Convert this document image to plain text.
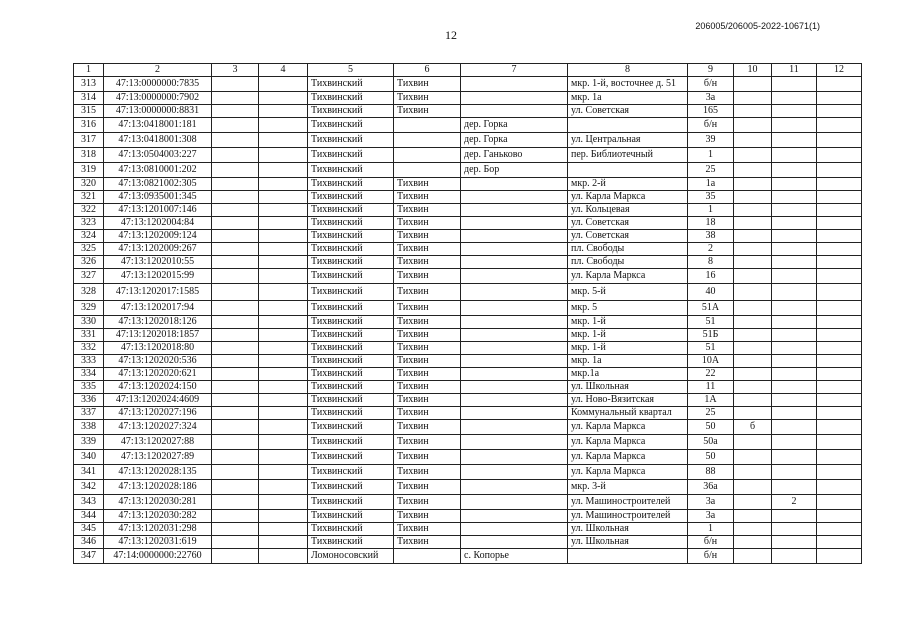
12
206005/206005-2022-10671(1)
1	2	3	4	5	6	7	8	9	10	11	12
313	47:13:0000000:7835			Тихвинский	Тихвин		мкр. 1-й, восточнее д. 51	б/н			
314	47:13:0000000:7902			Тихвинский	Тихвин		мкр. 1а	3а			
315	47:13:0000000:8831			Тихвинский	Тихвин		ул. Советская	165			
316	47:13:0418001:181			Тихвинский		дер. Горка		б/н			
317	47:13:0418001:308			Тихвинский		дер. Горка	ул. Центральная	39			
318	47:13:0504003:227			Тихвинский		дер. Ганьково	пер. Библиотечный	1			
319	47:13:0810001:202			Тихвинский		дер. Бор		25			
320	47:13:0821002:305			Тихвинский	Тихвин		мкр. 2-й	1а			
321	47:13:0935001:345			Тихвинский	Тихвин		ул. Карла Маркса	35			
322	47:13:1201007:146			Тихвинский	Тихвин		ул. Кольцевая	1			
323	47:13:1202004:84			Тихвинский	Тихвин		ул. Советская	18			
324	47:13:1202009:124			Тихвинский	Тихвин		ул. Советская	38			
325	47:13:1202009:267			Тихвинский	Тихвин		пл. Свободы	2			
326	47:13:1202010:55			Тихвинский	Тихвин		пл. Свободы	8			
327	47:13:1202015:99			Тихвинский	Тихвин		ул. Карла Маркса	16			
328	47:13:1202017:1585			Тихвинский	Тихвин		мкр. 5-й	40			
329	47:13:1202017:94			Тихвинский	Тихвин		мкр. 5	51А			
330	47:13:1202018:126			Тихвинский	Тихвин		мкр. 1-й	51			
331	47:13:1202018:1857			Тихвинский	Тихвин		мкр. 1-й	51Б			
332	47:13:1202018:80			Тихвинский	Тихвин		мкр. 1-й	51			
333	47:13:1202020:536			Тихвинский	Тихвин		мкр. 1а	10А			
334	47:13:1202020:621			Тихвинский	Тихвин		мкр.1а	22			
335	47:13:1202024:150			Тихвинский	Тихвин		ул. Школьная	11			
336	47:13:1202024:4609			Тихвинский	Тихвин		ул. Ново-Вязитская	1А			
337	47:13:1202027:196			Тихвинский	Тихвин		Коммунальный квартал	25			
338	47:13:1202027:324			Тихвинский	Тихвин		ул. Карла Маркса	50	б		
339	47:13:1202027:88			Тихвинский	Тихвин		ул. Карла Маркса	50а			
340	47:13:1202027:89			Тихвинский	Тихвин		ул. Карла Маркса	50			
341	47:13:1202028:135			Тихвинский	Тихвин		ул. Карла Маркса	88			
342	47:13:1202028:186			Тихвинский	Тихвин		мкр. 3-й	36а			
343	47:13:1202030:281			Тихвинский	Тихвин		ул. Машиностроителей	3а		2	
344	47:13:1202030:282			Тихвинский	Тихвин		ул. Машиностроителей	3а			
345	47:13:1202031:298			Тихвинский	Тихвин		ул. Школьная	1			
346	47:13:1202031:619			Тихвинский	Тихвин		ул. Школьная	б/н			
347	47:14:0000000:22760			Ломоносовский		с. Копорье		б/н			
